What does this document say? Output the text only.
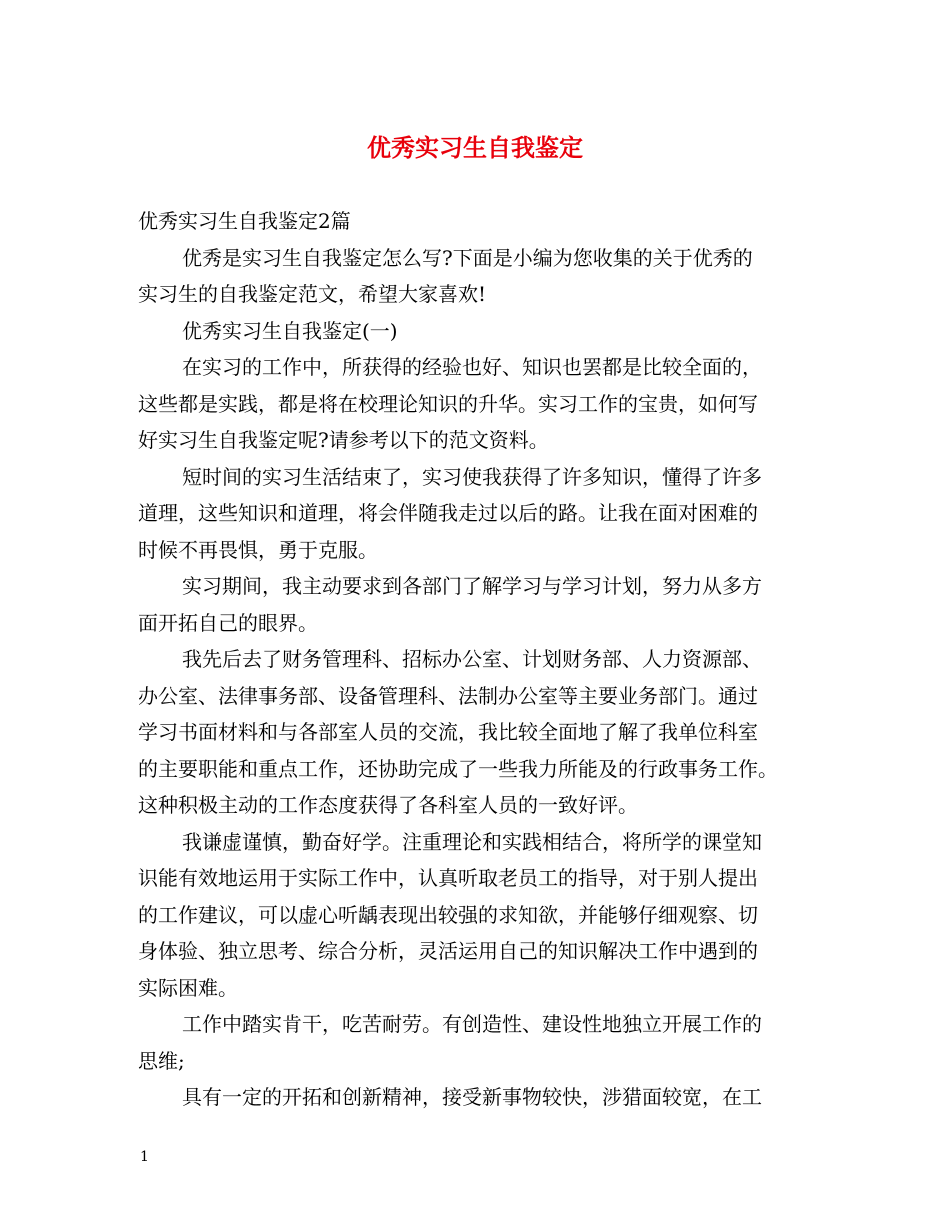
优秀实习生自我鉴定
优秀实习生自我鉴定2篇
优秀是实习生自我鉴定怎么写?下面是小编为您收集的关于优秀的
实习生的自我鉴定范文，希望大家喜欢!
优秀实习生自我鉴定(一)
在实习的工作中，所获得的经验也好、知识也罢都是比较全面的，
这些都是实践，都是将在校理论知识的升华。实习工作的宝贵，如何写
好实习生自我鉴定呢?请参考以下的范文资料。
短时间的实习生活结束了，实习使我获得了许多知识，懂得了许多
道理，这些知识和道理，将会伴随我走过以后的路。让我在面对困难的
时候不再畏惧，勇于克服。
实习期间，我主动要求到各部门了解学习与学习计划，努力从多方
面开拓自己的眼界。
我先后去了财务管理科、招标办公室、计划财务部、人力资源部、
办公室、法律事务部、设备管理科、法制办公室等主要业务部门。通过
学习书面材料和与各部室人员的交流，我比较全面地了解了我单位科室
的主要职能和重点工作，还协助完成了一些我力所能及的行政事务工作。
这种积极主动的工作态度获得了各科室人员的一致好评。
我谦虚谨慎，勤奋好学。注重理论和实践相结合，将所学的课堂知
识能有效地运用于实际工作中，认真听取老员工的指导，对于别人提出
的工作建议，可以虚心听龋表现出较强的求知欲，并能够仔细观察、切
身体验、独立思考、综合分析，灵活运用自己的知识解决工作中遇到的
实际困难。
工作中踏实肯干，吃苦耐劳。有创造性、建设性地独立开展工作的
思维;
具有一定的开拓和创新精神，接受新事物较快，涉猎面较宽，在工
1
